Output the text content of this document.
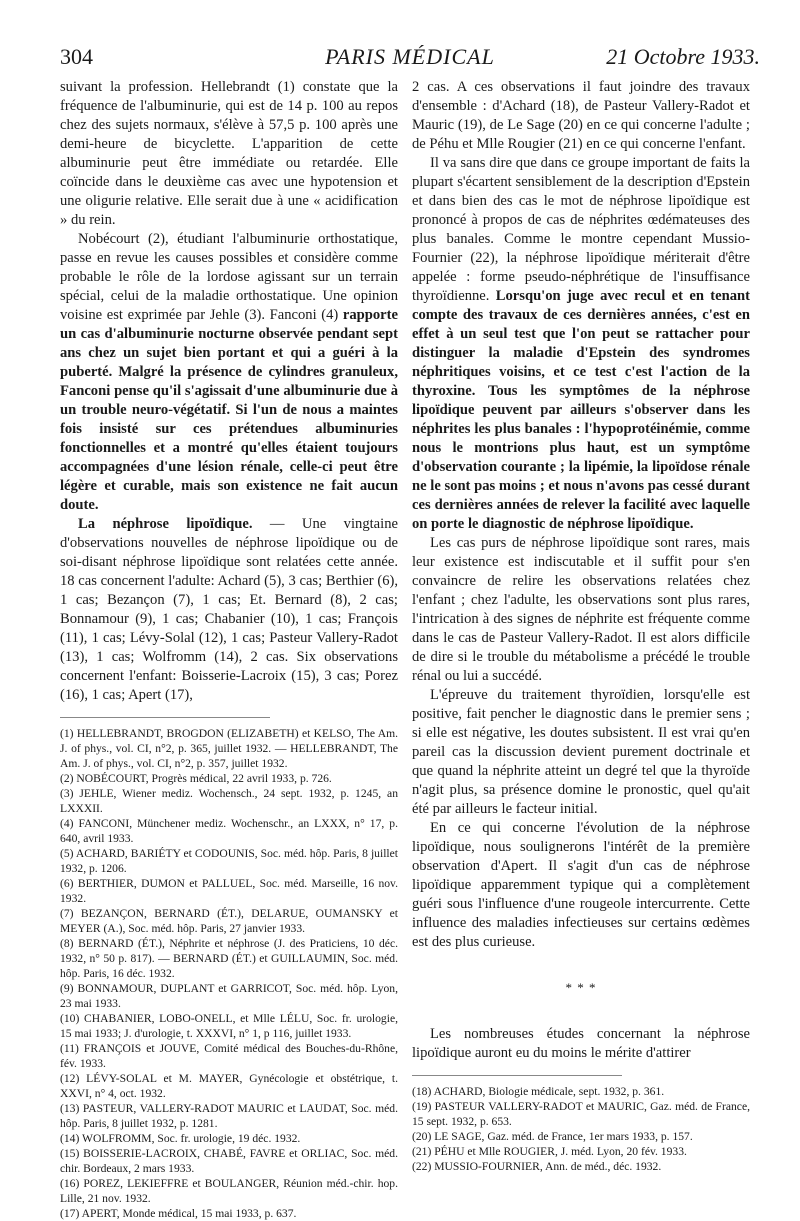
304	PARIS MÉDICAL	21 Octobre 1933.

suivant la profession. Hellebrandt (1) constate que la fréquence de l'albuminurie, qui est de 14 p. 100 au repos chez des sujets normaux, s'élève à 57,5 p. 100 après une demi-heure de bicyclette. L'apparition de cette albuminurie peut être immédiate ou retardée. Elle coïncide dans le deuxième cas avec une hypotension et une oligurie relative. Elle serait due à une « acidification » du rein.

Nobécourt (2), étudiant l'albuminurie orthostatique, passe en revue les causes possibles et considère comme probable le rôle de la lordose agissant sur un terrain spécial, celui de la maladie orthostatique. Une opinion voisine est exprimée par Jehle (3). Fanconi (4) rapporte un cas d'albuminurie nocturne observée pendant sept ans chez un sujet bien portant et qui a guéri à la puberté. Malgré la présence de cylindres granuleux, Fanconi pense qu'il s'agissait d'une albuminurie due à un trouble neuro-végétatif. Si l'un de nous a maintes fois insisté sur ces prétendues albuminuries fonctionnelles et a montré qu'elles étaient toujours accompagnées d'une lésion rénale, celle-ci peut être légère et curable, mais son existence ne fait aucun doute.

La néphrose lipoïdique. — Une vingtaine d'observations nouvelles de néphrose lipoïdique ou de soi-disant néphrose lipoïdique sont relatées cette année. 18 cas concernent l'adulte: Achard (5), 3 cas; Berthier (6), 1 cas; Bezançon (7), 1 cas; Et. Bernard (8), 2 cas; Bonnamour (9), 1 cas; Chabanier (10), 1 cas; François (11), 1 cas; Lévy-Solal (12), 1 cas; Pasteur Vallery-Radot (13), 1 cas; Wolfromm (14), 2 cas. Six observations concernent l'enfant: Boisserie-Lacroix (15), 3 cas; Porez (16), 1 cas; Apert (17),

(1) HELLEBRANDT, BROGDON (ELIZABETH) et KELSO, The Am. J. of phys., vol. CI, n°2, p. 365, juillet 1932. — HELLEBRANDT, The Am. J. of phys., vol. CI, n°2, p. 357, juillet 1932.

(2) NOBÉCOURT, Progrès médical, 22 avril 1933, p. 726.

(3) JEHLE, Wiener mediz. Wochensch., 24 sept. 1932, p. 1245, an LXXXII.

(4) FANCONI, Münchener mediz. Wochenschr., an LXXX, n° 17, p. 640, avril 1933.

(5) ACHARD, BARIÉTY et CODOUNIS, Soc. méd. hôp. Paris, 8 juillet 1932, p. 1206.

(6) BERTHIER, DUMON et PALLUEL, Soc. méd. Marseille, 16 nov. 1932.

(7) BEZANÇON, BERNARD (ÉT.), DELARUE, OUMANSKY et MEYER (A.), Soc. méd. hôp. Paris, 27 janvier 1933.

(8) BERNARD (ÉT.), Néphrite et néphrose (J. des Praticiens, 10 déc. 1932, n° 50 p. 817). — BERNARD (ÉT.) et GUILLAUMIN, Soc. méd. hôp. Paris, 16 déc. 1932.

(9) BONNAMOUR, DUPLANT et GARRICOT, Soc. méd. hôp. Lyon, 23 mai 1933.

(10) CHABANIER, LOBO-ONELL, et Mlle LÉLU, Soc. fr. urologie, 15 mai 1933; J. d'urologie, t. XXXVI, n° 1, p 116, juillet 1933.

(11) FRANÇOIS et JOUVE, Comité médical des Bouches-du-Rhône, fév. 1933.

(12) LÉVY-SOLAL et M. MAYER, Gynécologie et obstétrique, t. XXVI, n° 4, oct. 1932.

(13) PASTEUR, VALLERY-RADOT MAURIC et LAUDAT, Soc. méd. hôp. Paris, 8 juillet 1932, p. 1281.

(14) WOLFROMM, Soc. fr. urologie, 19 déc. 1932.

(15) BOISSERIE-LACROIX, CHABÉ, FAVRE et ORLIAC, Soc. méd. chir. Bordeaux, 2 mars 1933.

(16) POREZ, LEKIEFFRE et BOULANGER, Réunion méd.-chir. hop. Lille, 21 nov. 1932.

(17) APERT, Monde médical, 15 mai 1933, p. 637.

2 cas. A ces observations il faut joindre des travaux d'ensemble : d'Achard (18), de Pasteur Vallery-Radot et Mauric (19), de Le Sage (20) en ce qui concerne l'adulte ; de Péhu et Mlle Rougier (21) en ce qui concerne l'enfant.

Il va sans dire que dans ce groupe important de faits la plupart s'écartent sensiblement de la description d'Epstein et dans bien des cas le mot de néphrose lipoïdique est prononcé à propos de cas de néphrites œdémateuses des plus banales. Comme le montre cependant Mussio-Fournier (22), la néphrose lipoïdique mériterait d'être appelée : forme pseudo-néphrétique de l'insuffisance thyroïdienne. Lorsqu'on juge avec recul et en tenant compte des travaux de ces dernières années, c'est en effet à un seul test que l'on peut se rattacher pour distinguer la maladie d'Epstein des syndromes néphritiques voisins, et ce test c'est l'action de la thyroxine. Tous les symptômes de la néphrose lipoïdique peuvent par ailleurs s'observer dans les néphrites les plus banales : l'hypoprotéinémie, comme nous le montrions plus haut, est un symptôme d'observation courante ; la lipémie, la lipoïdose rénale ne le sont pas moins ; et nous n'avons pas cessé durant ces dernières années de relever la facilité avec laquelle on porte le diagnostic de néphrose lipoïdique.

Les cas purs de néphrose lipoïdique sont rares, mais leur existence est indiscutable et il suffit pour s'en convaincre de relire les observations relatées chez l'enfant ; chez l'adulte, les observations sont plus rares, l'intrication à des signes de néphrite est fréquente comme dans le cas de Pasteur Vallery-Radot. Il est alors difficile de dire si le trouble du métabolisme a précédé le trouble rénal ou lui a succédé.

L'épreuve du traitement thyroïdien, lorsqu'elle est positive, fait pencher le diagnostic dans le premier sens ; si elle est négative, les doutes subsistent. Il est vrai qu'en pareil cas la discussion devient purement doctrinale et que quand la néphrite atteint un degré tel que la thyroïde n'agit plus, sa présence domine le pronostic, quel qu'ait été par ailleurs le facteur initial.

En ce qui concerne l'évolution de la néphrose lipoïdique, nous soulignerons l'intérêt de la première observation d'Apert. Il s'agit d'un cas de néphrose lipoïdique apparemment typique qui a complètement guéri sous l'influence d'une rougeole intercurrente. Cette influence des maladies infectieuses sur certains œdèmes est des plus curieuse.

* * *

Les nombreuses études concernant la néphrose lipoïdique auront eu du moins le mérite d'attirer

(18) ACHARD, Biologie médicale, sept. 1932, p. 361.

(19) PASTEUR VALLERY-RADOT et MAURIC, Gaz. méd. de France, 15 sept. 1932, p. 653.

(20) LE SAGE, Gaz. méd. de France, 1er mars 1933, p. 157.

(21) PÉHU et Mlle ROUGIER, J. méd. Lyon, 20 fév. 1933.

(22) MUSSIO-FOURNIER, Ann. de méd., déc. 1932.
